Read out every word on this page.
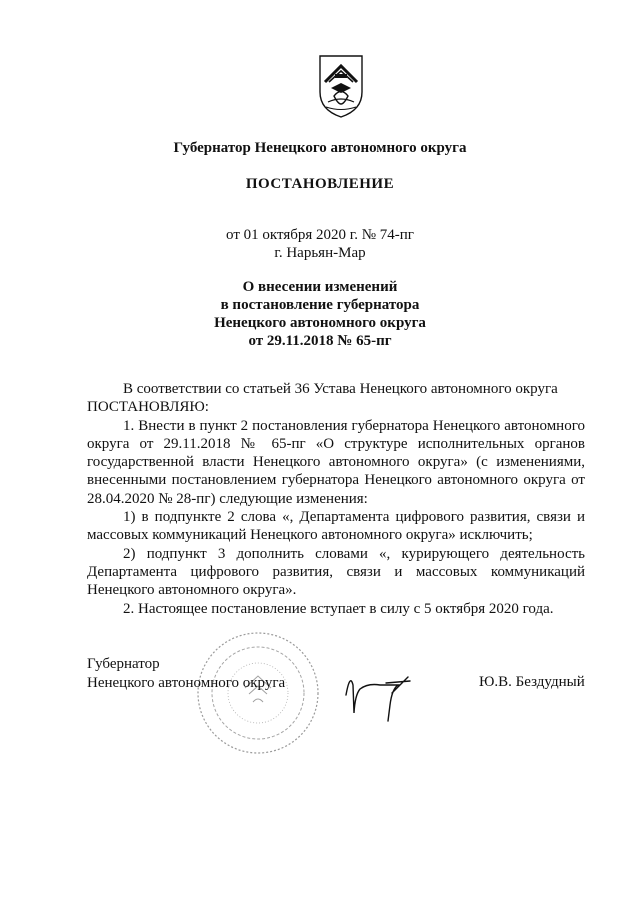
Губернатор Ненецкого автономного округа
ПОСТАНОВЛЕНИЕ
от 01 октября 2020 г. № 74-пг
г. Нарьян-Мар
О внесении изменений
в постановление губернатора
Ненецкого автономного округа
от 29.11.2018 № 65-пг

В соответствии со статьей 36 Устава Ненецкого автономного округа

ПОСТАНОВЛЯЮ:

1. Внести в пункт 2 постановления губернатора Ненецкого автономного округа от 29.11.2018 № 65-пг «О структуре исполнительных органов государственной власти Ненецкого автономного округа» (с изменениями, внесенными постановлением губернатора Ненецкого автономного округа от 28.04.2020 № 28-пг) следующие изменения:

1) в подпункте 2 слова «, Департамента цифрового развития, связи и массовых коммуникаций Ненецкого автономного округа» исключить;

2) подпункт 3 дополнить словами «, курирующего деятельность Департамента цифрового развития, связи и массовых коммуникаций Ненецкого автономного округа».

2. Настоящее постановление вступает в силу с 5 октября 2020 года.

Губернатор
Ненецкого автономного округа	Ю.В. Бездудный
